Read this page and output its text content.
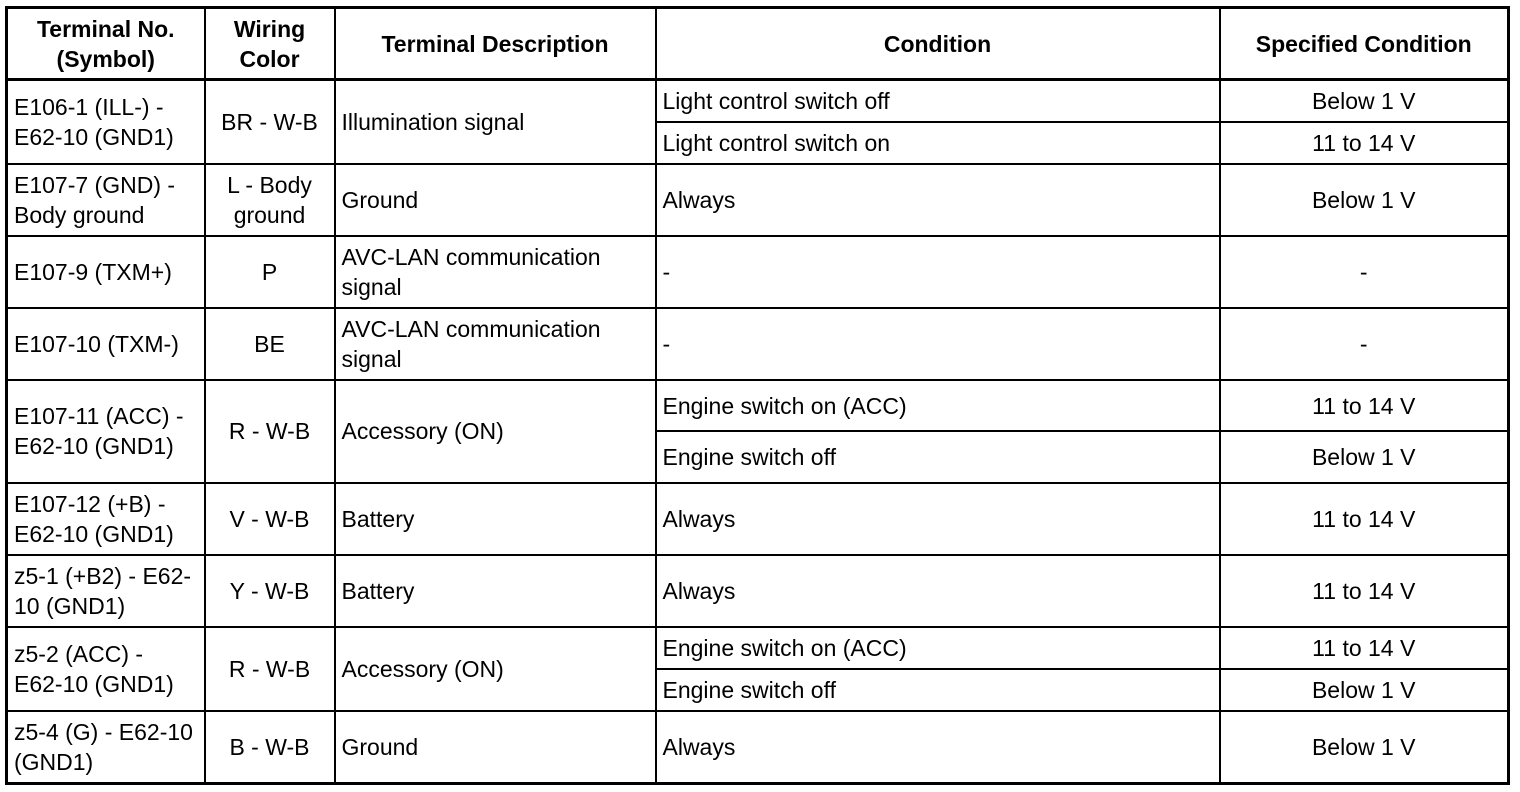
Terminal No. (Symbol)	Wiring Color	Terminal Description	Condition	Specified Condition
E106-1 (ILL-) - E62-10 (GND1)	BR - W-B	Illumination signal	Light control switch off	Below 1 V
			Light control switch on	11 to 14 V
E107-7 (GND) - Body ground	L - Body ground	Ground	Always	Below 1 V
E107-9 (TXM+)	P	AVC-LAN communication signal	-	-
E107-10 (TXM-)	BE	AVC-LAN communication signal	-	-
E107-11 (ACC) - E62-10 (GND1)	R - W-B	Accessory (ON)	Engine switch on (ACC)	11 to 14 V
			Engine switch off	Below 1 V
E107-12 (+B) - E62-10 (GND1)	V - W-B	Battery	Always	11 to 14 V
z5-1 (+B2) - E62-10 (GND1)	Y - W-B	Battery	Always	11 to 14 V
z5-2 (ACC) - E62-10 (GND1)	R - W-B	Accessory (ON)	Engine switch on (ACC)	11 to 14 V
			Engine switch off	Below 1 V
z5-4 (G) - E62-10 (GND1)	B - W-B	Ground	Always	Below 1 V
